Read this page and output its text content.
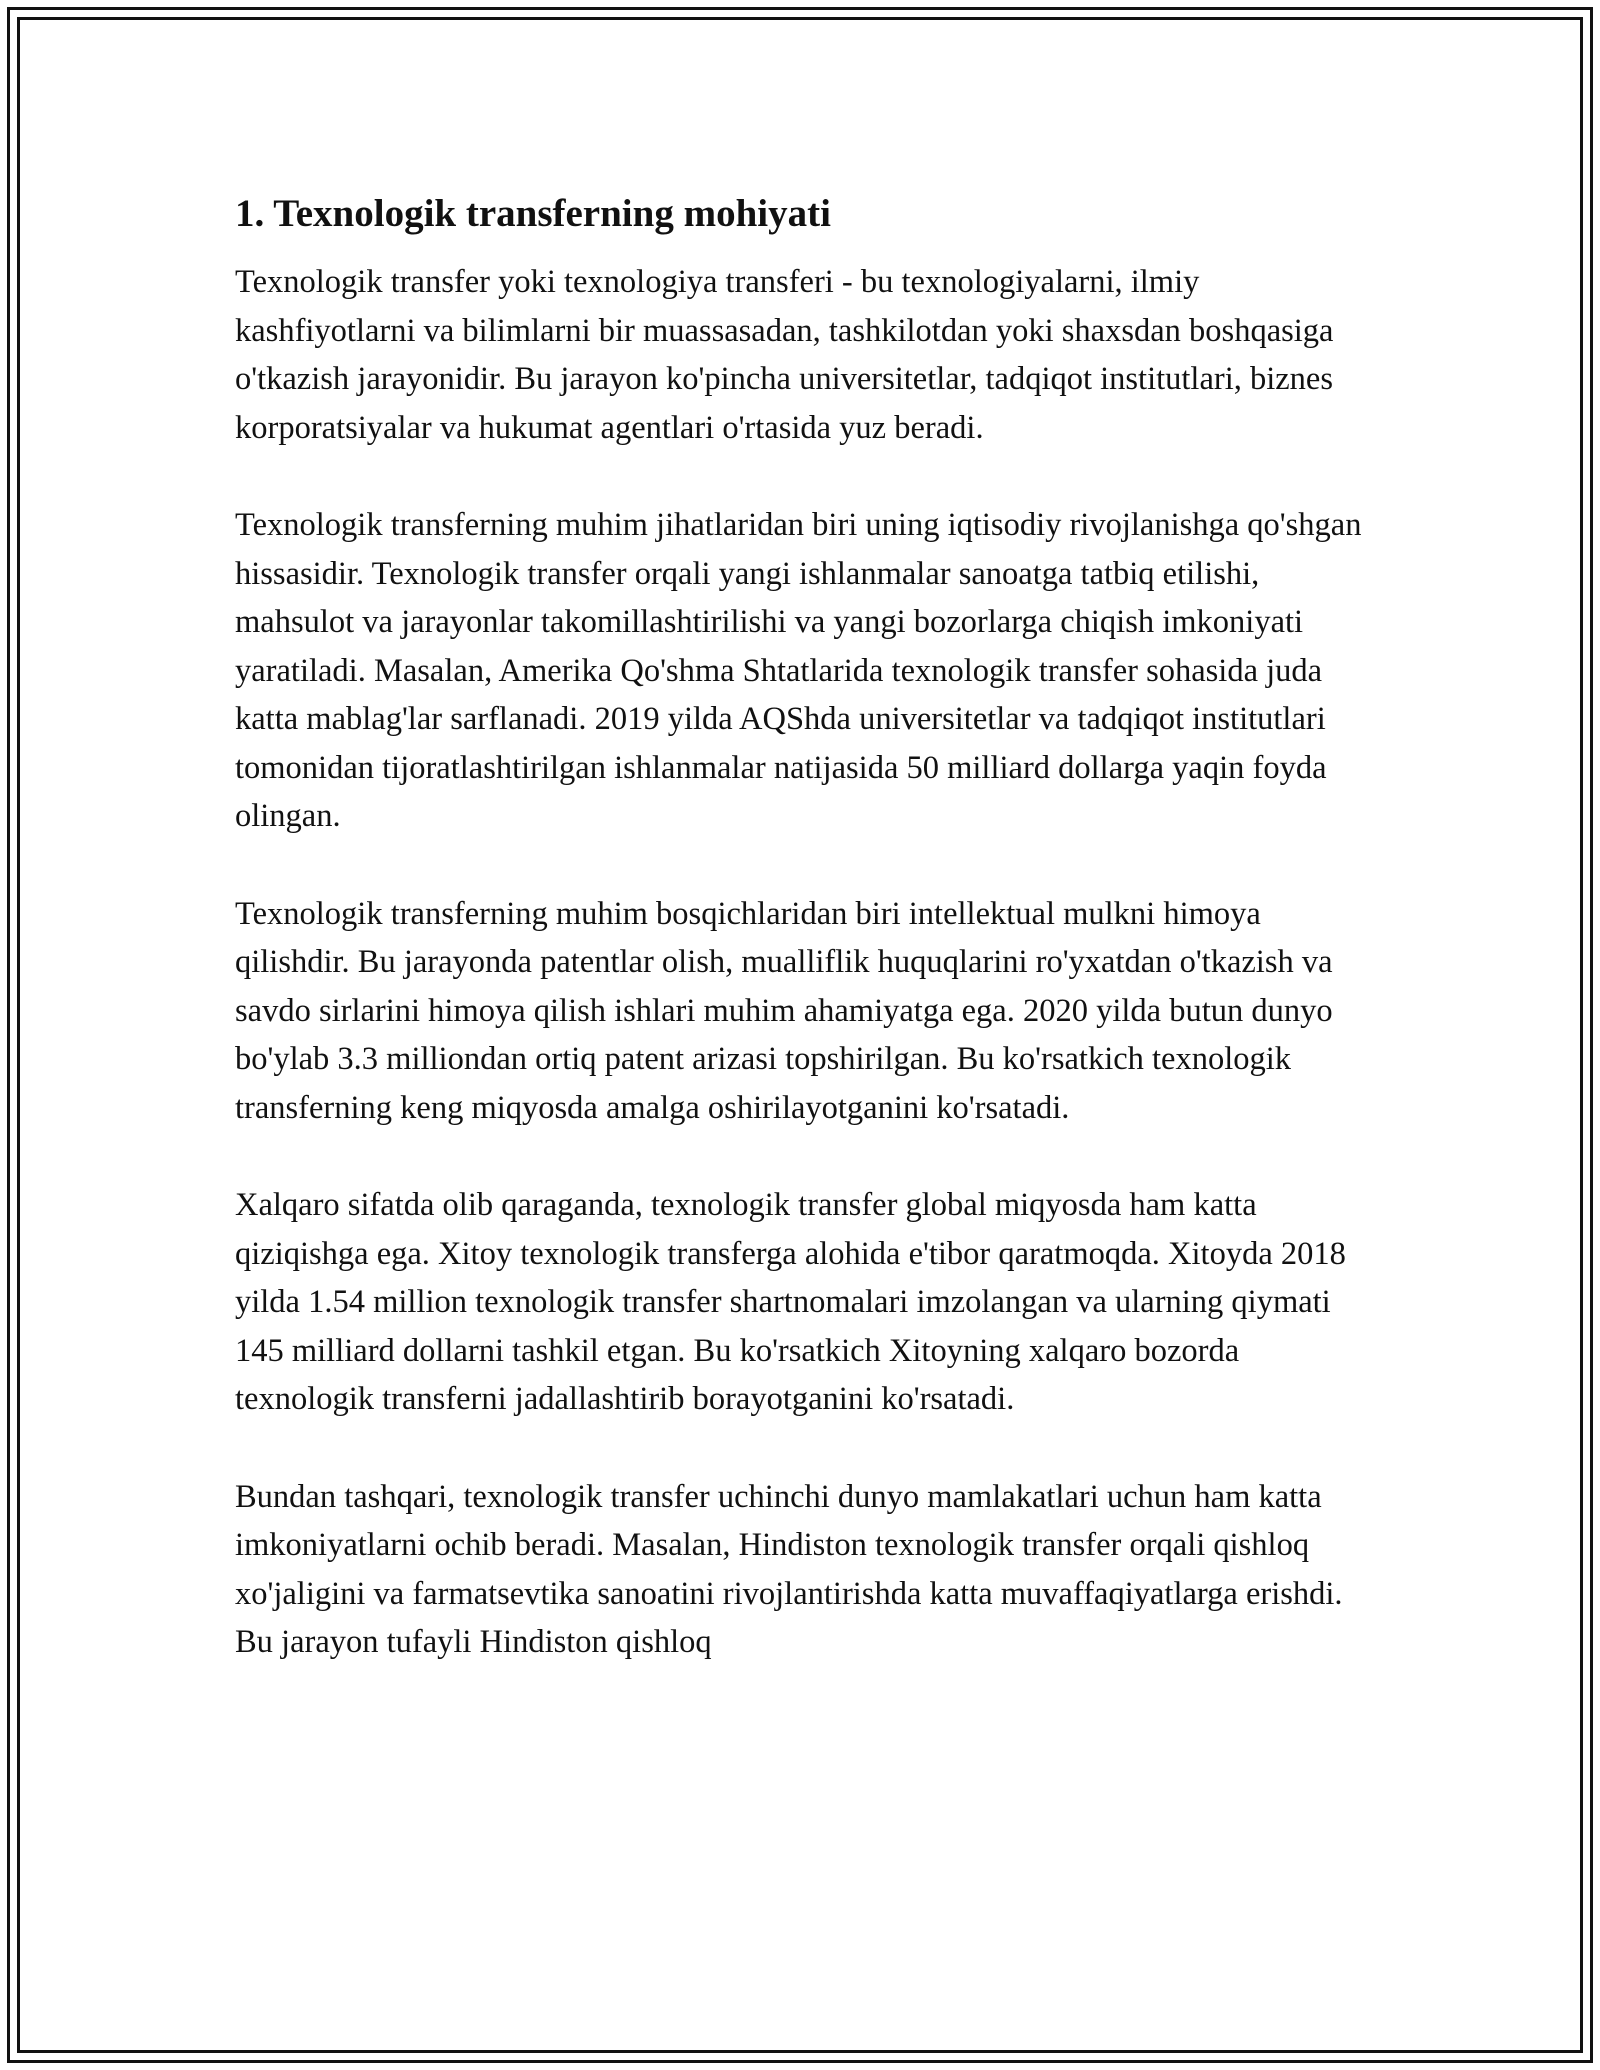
1. Texnologik transferning mohiyati

Texnologik transfer yoki texnologiya transferi - bu texnologiyalarni, ilmiy kashfiyotlarni va bilimlarni bir muassasadan, tashkilotdan yoki shaxsdan boshqasiga o'tkazish jarayonidir. Bu jarayon ko'pincha universitetlar, tadqiqot institutlari, biznes korporatsiyalar va hukumat agentlari o'rtasida yuz beradi.

Texnologik transferning muhim jihatlaridan biri uning iqtisodiy rivojlanishga qo'shgan hissasidir. Texnologik transfer orqali yangi ishlanmalar sanoatga tatbiq etilishi, mahsulot va jarayonlar takomillashtirilishi va yangi bozorlarga chiqish imkoniyati yaratiladi. Masalan, Amerika Qo'shma Shtatlarida texnologik transfer sohasida juda katta mablag'lar sarflanadi. 2019 yilda AQShda universitetlar va tadqiqot institutlari tomonidan tijoratlashtirilgan ishlanmalar natijasida 50 milliard dollarga yaqin foyda olingan.

Texnologik transferning muhim bosqichlaridan biri intellektual mulkni himoya qilishdir. Bu jarayonda patentlar olish, mualliflik huquqlarini ro'yxatdan o'tkazish va savdo sirlarini himoya qilish ishlari muhim ahamiyatga ega. 2020 yilda butun dunyo bo'ylab 3.3 milliondan ortiq patent arizasi topshirilgan. Bu ko'rsatkich texnologik transferning keng miqyosda amalga oshirilayotganini ko'rsatadi.

Xalqaro sifatda olib qaraganda, texnologik transfer global miqyosda ham katta qiziqishga ega. Xitoy texnologik transferga alohida e'tibor qaratmoqda. Xitoyda 2018 yilda 1.54 million texnologik transfer shartnomalari imzolangan va ularning qiymati 145 milliard dollarni tashkil etgan. Bu ko'rsatkich Xitoyning xalqaro bozorda texnologik transferni jadallashtirib borayotganini ko'rsatadi.

Bundan tashqari, texnologik transfer uchinchi dunyo mamlakatlari uchun ham katta imkoniyatlarni ochib beradi. Masalan, Hindiston texnologik transfer orqali qishloq xo'jaligini va farmatsevtika sanoatini rivojlantirishda katta muvaffaqiyatlarga erishdi. Bu jarayon tufayli Hindiston qishloq
